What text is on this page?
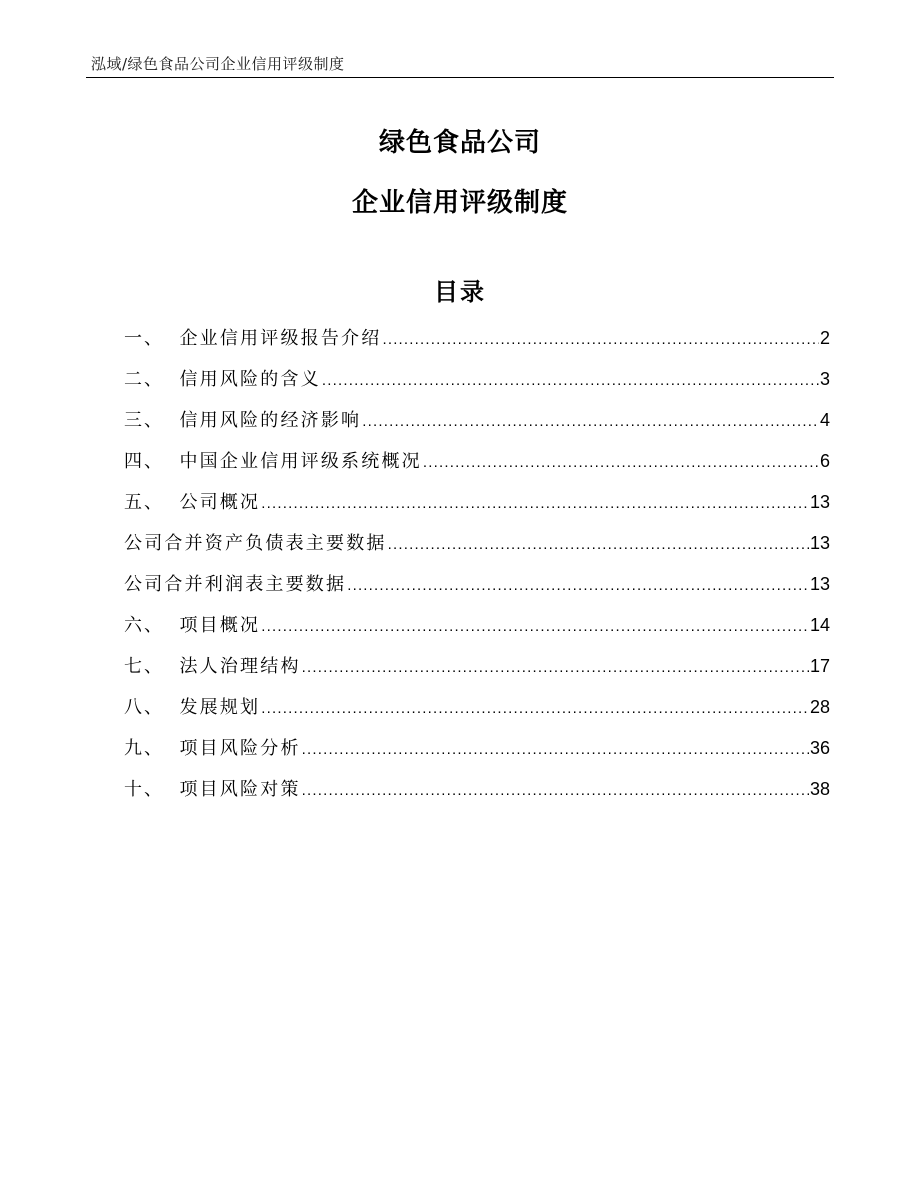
泓域/绿色食品公司企业信用评级制度
绿色食品公司
企业信用评级制度
目录
一、 企业信用评级报告介绍 .....	2
二、 信用风险的含义 .....	3
三、 信用风险的经济影响 .....	4
四、 中国企业信用评级系统概况 .....	6
五、 公司概况 .....	13
公司合并资产负债表主要数据 .....	13
公司合并利润表主要数据 .....	13
六、 项目概况 .....	14
七、 法人治理结构 .....	17
八、 发展规划 .....	28
九、 项目风险分析 .....	36
十、 项目风险对策 .....	38
